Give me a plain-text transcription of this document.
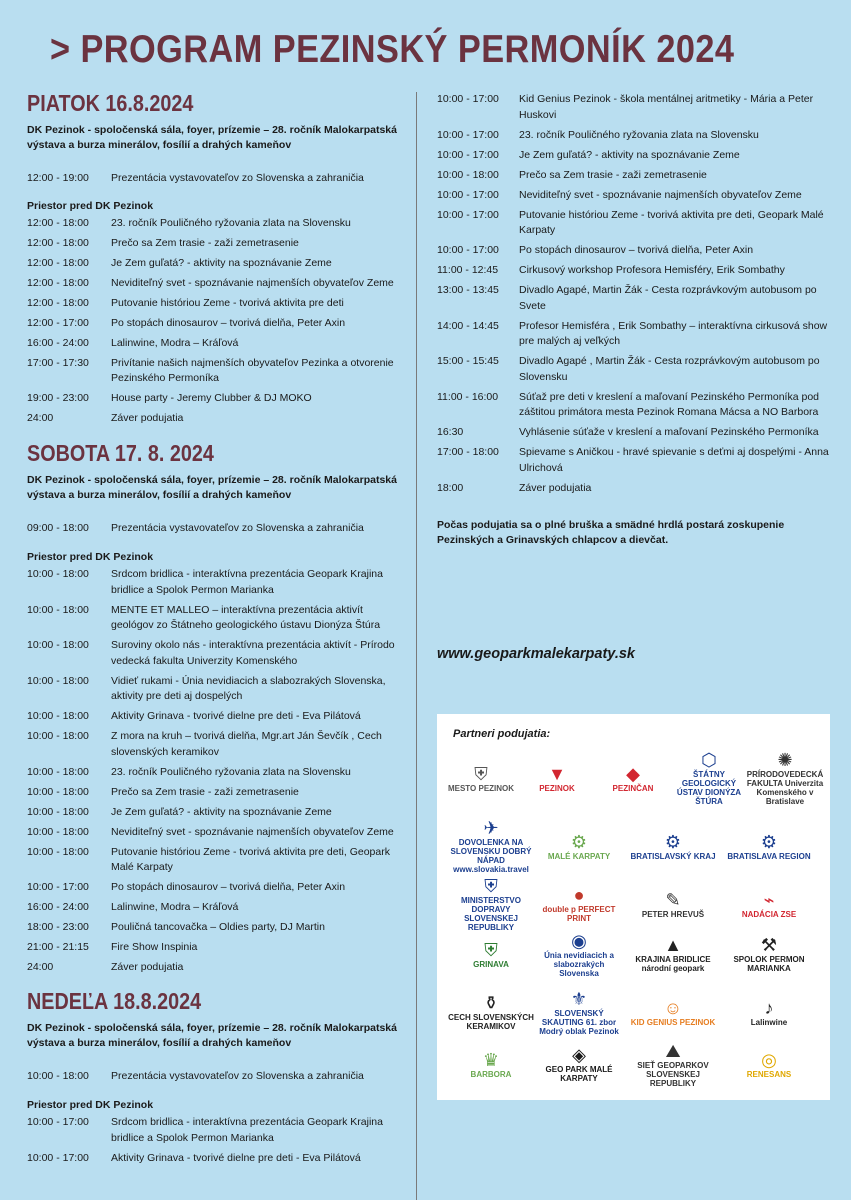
> PROGRAM PEZINSKÝ PERMONÍK 2024
PIATOK 16.8.2024
DK Pezinok - spoločenská sála, foyer, prízemie – 28. ročník Malokarpatská výstava a burza minerálov, fosílií a drahých kameňov
12:00 - 19:00	Prezentácia vystavovateľov zo Slovenska a zahraničia
Priestor pred DK Pezinok
12:00 - 18:00	23. ročník Pouličného ryžovania zlata na Slovensku
12:00 - 18:00	Prečo sa Zem trasie - zaži zemetrasenie
12:00 - 18:00	Je Zem guľatá? - aktivity na spoznávanie Zeme
12:00 - 18:00	Neviditeľný svet - spoznávanie najmenších obyvateľov Zeme
12:00 - 18:00	Putovanie históriou Zeme - tvorivá aktivita pre deti
12:00 - 17:00	Po stopách dinosaurov – tvorivá dielňa, Peter Axin
16:00 - 24:00	Lalinwine, Modra – Kráľová
17:00 - 17:30	Privítanie našich najmenších obyvateľov Pezinka a otvorenie Pezinského Permoníka
19:00 - 23:00	House party - Jeremy Clubber & DJ MOKO
24:00	Záver podujatia
SOBOTA 17. 8. 2024
DK Pezinok - spoločenská sála, foyer, prízemie – 28. ročník Malokarpatská výstava a burza minerálov, fosílií a drahých kameňov
09:00 - 18:00	Prezentácia vystavovateľov zo Slovenska a zahraničia
Priestor pred DK Pezinok
10:00 - 18:00	Srdcom bridlica - interaktívna prezentácia Geopark Krajina bridlice a Spolok Permon Marianka
10:00 - 18:00	MENTE ET MALLEO – interaktívna prezentácia aktivít geológov zo Štátneho geologického ústavu Dionýza Štúra
10:00 - 18:00	Suroviny okolo nás - interaktívna prezentácia aktivít - Prírodo vedecká fakulta Univerzity Komenského
10:00 - 18:00	Vidieť rukami - Únia nevidiacich a slabozrakých Slovenska, aktivity pre deti aj dospelých
10:00 - 18:00	Aktivity Grinava - tvorivé dielne pre deti - Eva Pilátová
10:00 - 18:00	Z mora na kruh – tvorivá dielňa, Mgr.art Ján Ševčík , Cech slovenských keramikov
10:00 - 18:00	23. ročník Pouličného ryžovania zlata na Slovensku
10:00 - 18:00	Prečo sa Zem trasie - zaži zemetrasenie
10:00 - 18:00	Je Zem guľatá? - aktivity na spoznávanie Zeme
10:00 - 18:00	Neviditeľný svet - spoznávanie najmenších obyvateľov Zeme
10:00 - 18:00	Putovanie históriou Zeme - tvorivá aktivita pre deti, Geopark Malé Karpaty
10:00 - 17:00	Po stopách dinosaurov – tvorivá dielňa, Peter Axin
16:00 - 24:00	Lalinwine, Modra – Kráľová
18:00 - 23:00	Pouličná tancovačka – Oldies party, DJ Martin
21:00 - 21:15	Fire Show Inspinia
24:00	Záver podujatia
NEDEĽA 18.8.2024
DK Pezinok - spoločenská sála, foyer, prízemie – 28. ročník Malokarpatská výstava a burza minerálov, fosílií a drahých kameňov
10:00 - 18:00	Prezentácia vystavovateľov zo Slovenska a zahraničia
Priestor pred DK Pezinok
10:00 - 17:00	Srdcom bridlica - interaktívna prezentácia Geopark Krajina bridlice a Spolok Permon Marianka
10:00 - 17:00	Aktivity Grinava - tvorivé dielne pre deti - Eva Pilátová
10:00 - 17:00	Kid Genius Pezinok - škola mentálnej aritmetiky - Mária a Peter Huskovi
10:00 - 17:00	23. ročník Pouličného ryžovania zlata na Slovensku
10:00 - 17:00	Je Zem guľatá? - aktivity na spoznávanie Zeme
10:00 - 18:00	Prečo sa Zem trasie - zaži zemetrasenie
10:00 - 17:00	Neviditeľný svet - spoznávanie najmenších obyvateľov Zeme
10:00 - 17:00	Putovanie históriou Zeme - tvorivá aktivita pre deti, Geopark Malé Karpaty
10:00 - 17:00	Po stopách dinosaurov – tvorivá dielňa, Peter Axin
11:00 - 12:45	Cirkusový workshop Profesora Hemisféry, Erik Sombathy
13:00 - 13:45	Divadlo Agapé, Martin Žák - Cesta rozprávkovým autobusom po Svete
14:00 - 14:45	Profesor Hemisféra , Erik Sombathy – interaktívna cirkusová show pre malých aj veľkých
15:00 - 15:45	Divadlo Agapé , Martin Žák - Cesta rozprávkovým autobusom po Slovensku
11:00 - 16:00	Súťaž pre deti v kreslení a maľovaní Pezinského Permoníka pod záštitou primátora mesta Pezinok Romana Mácsa a NO Barbora
16:30	Vyhlásenie súťaže v kreslení a maľovaní Pezinského Permoníka
17:00 - 18:00	Spievame s Aničkou - hravé spievanie s deťmi aj dospelými - Anna Ulrichová
18:00	Záver podujatia
Počas podujatia sa o plné bruška a smädné hrdlá postará zoskupenie Pezinských a Grinavských chlapcov a dievčat.
www.geoparkmalekarpaty.sk
Partneri podujatia:
⛨
MESTO PEZINOK
▼
PEZINOK
◆
PEZINČAN
⬡
ŠTÁTNY GEOLOGICKÝ ÚSTAV DIONÝZA ŠTÚRA
✺
PRÍRODOVEDECKÁ FAKULTA Univerzita Komenského v Bratislave
✈
DOVOLENKA NA SLOVENSKU DOBRÝ NÁPAD www.slovakia.travel
⚙
MALÉ KARPATY
⚙
BRATISLAVSKÝ KRAJ
⚙
BRATISLAVA REGION
⛨
MINISTERSTVO DOPRAVY SLOVENSKEJ REPUBLIKY
●
double p PERFECT PRINT
✎
PETER HREVUŠ
⌁
NADÁCIA ZSE
⛨
GRINAVA
◉
Únia nevidiacich a slabozrakých Slovenska
▲
KRAJINA BRIDLICE národní geopark
⚒
SPOLOK PERMON MARIANKA
⚱
CECH SLOVENSKÝCH KERAMIKOV
⚜
SLOVENSKÝ SKAUTING 61. zbor Modrý oblak Pezinok
☺
KID GENIUS PEZINOK
♪
Lalinwine
♛
BARBORA
◈
GEO PARK MALÉ KARPATY
⛰
SIEŤ GEOPARKOV SLOVENSKEJ REPUBLIKY
◎
RENESANS
